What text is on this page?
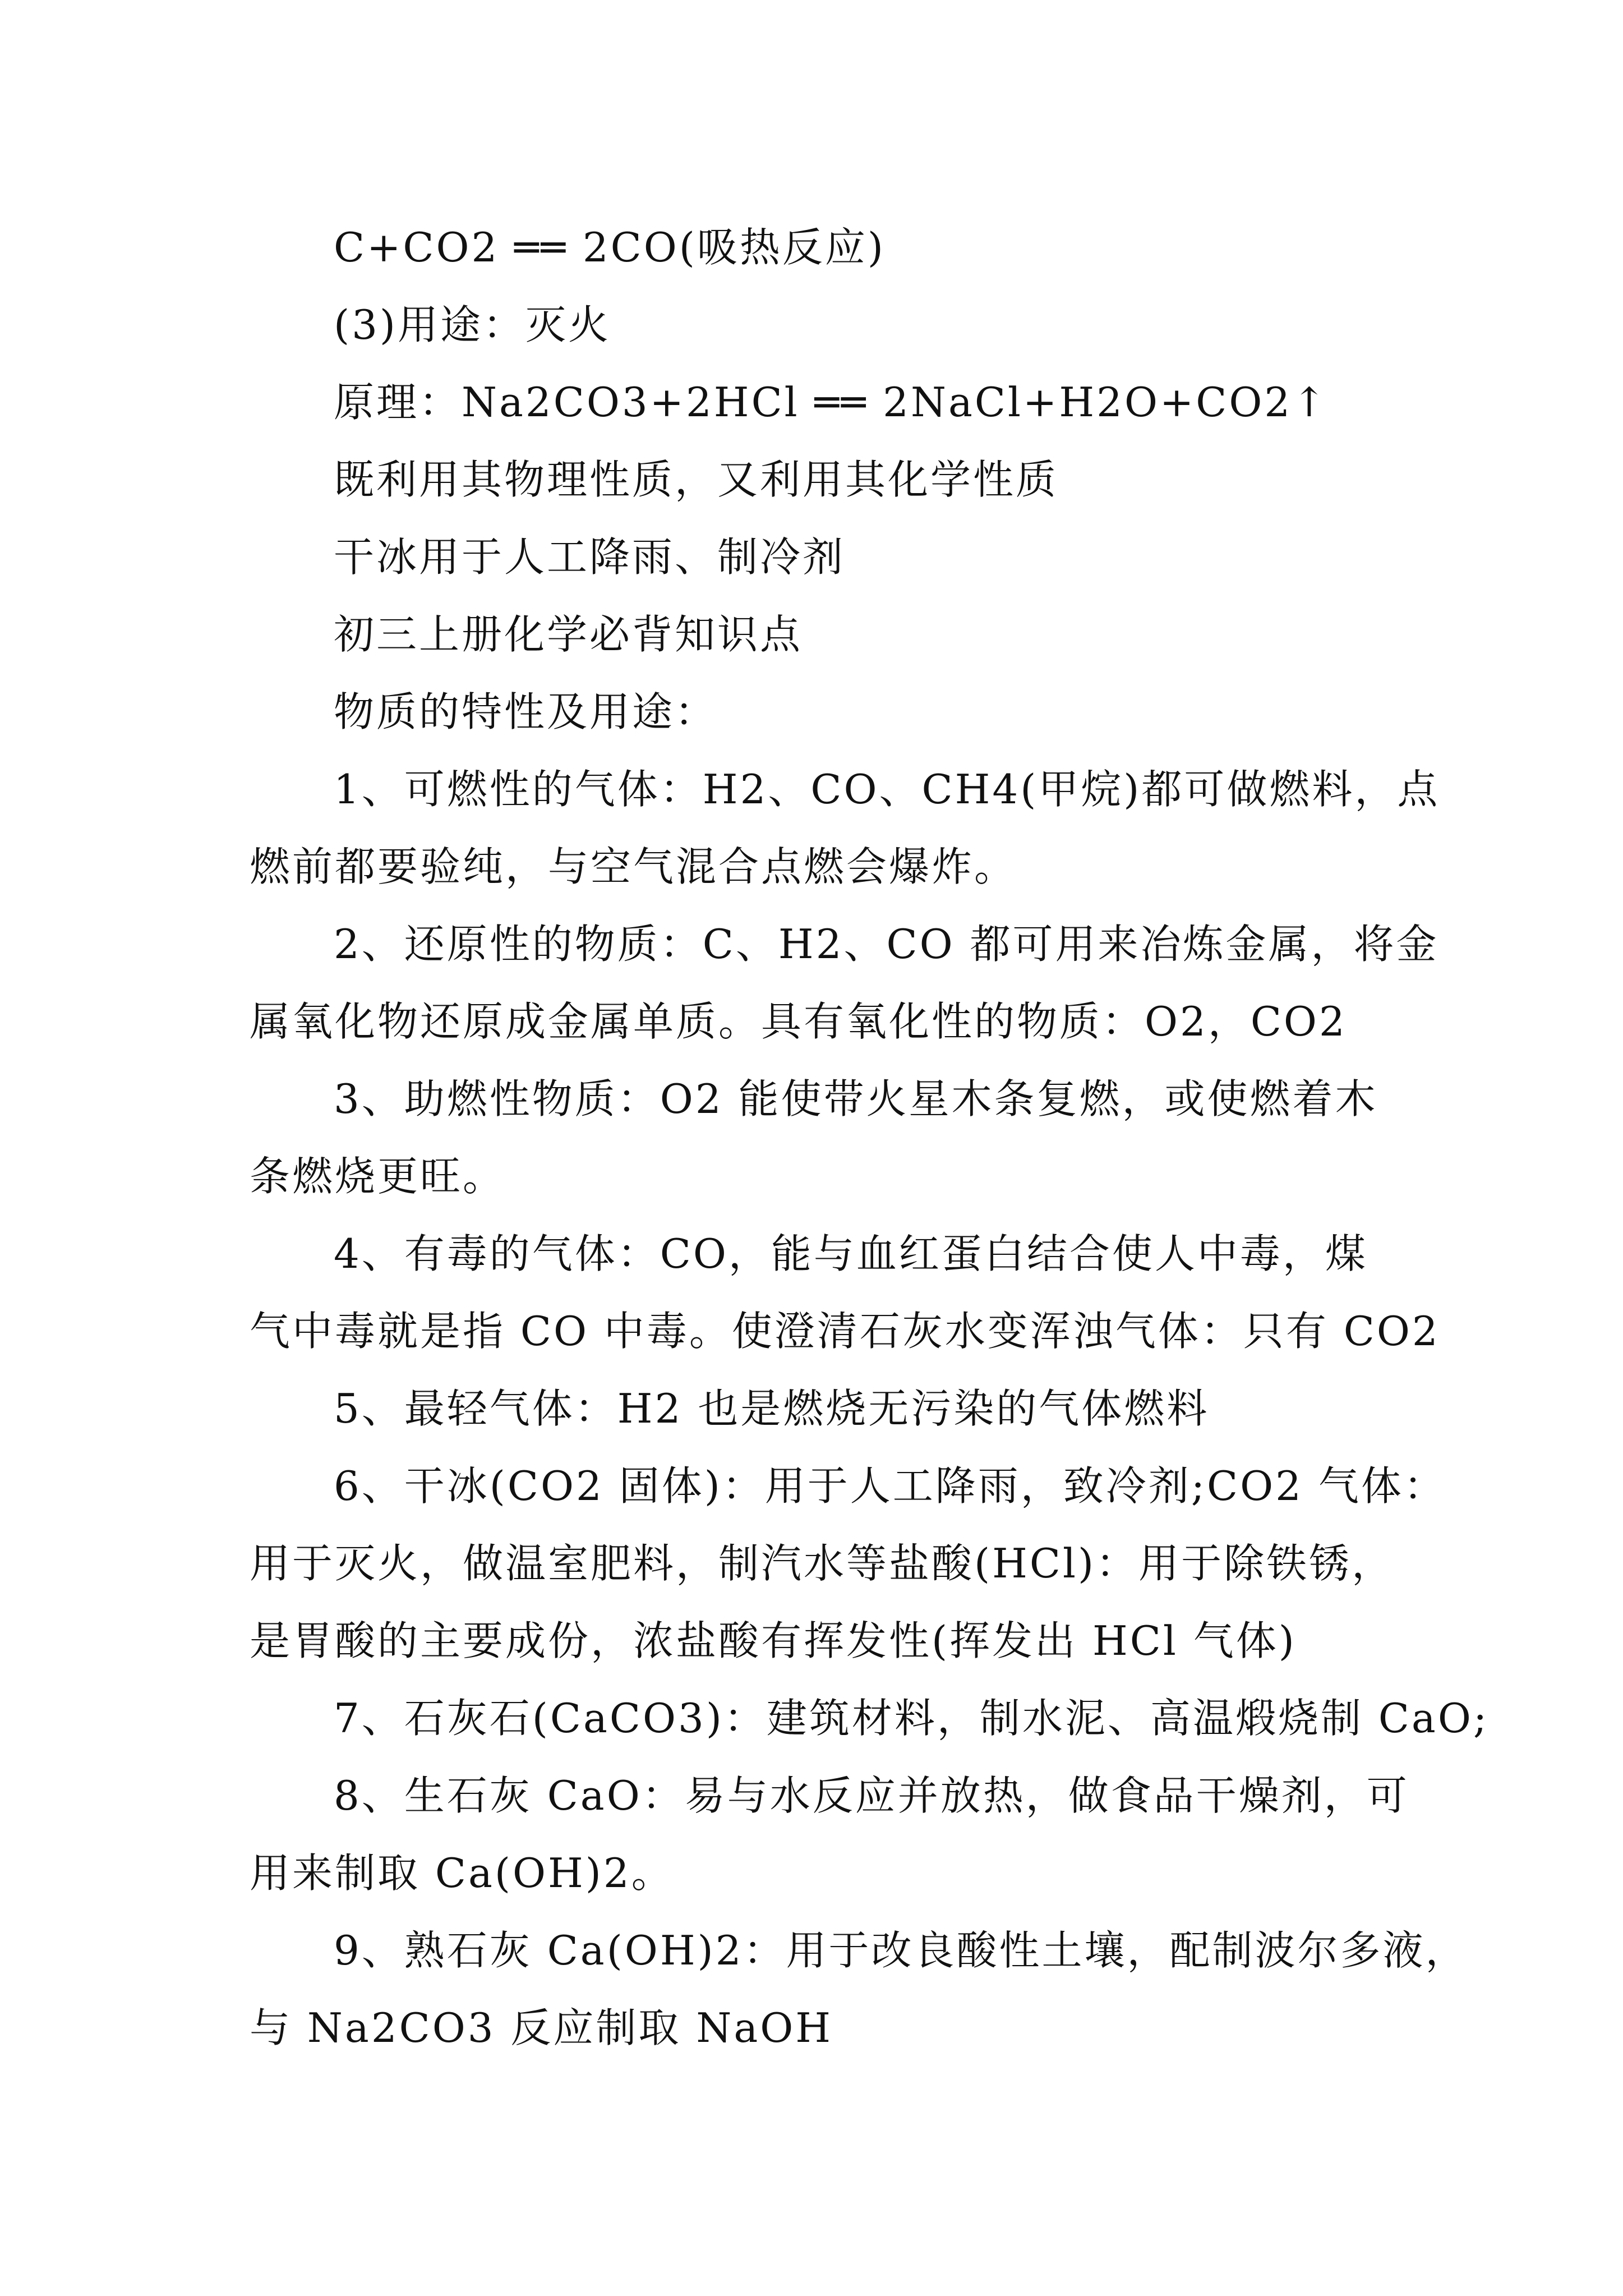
C+CO2 ══ 2CO(吸热反应)

(3)用途：灭火

原理：Na2CO3+2HCl ══ 2NaCl+H2O+CO2↑

既利用其物理性质，又利用其化学性质

干冰用于人工降雨、制冷剂

初三上册化学必背知识点

物质的特性及用途：

1、可燃性的气体：H2、CO、CH4(甲烷)都可做燃料，点

燃前都要验纯，与空气混合点燃会爆炸。

2、还原性的物质：C、H2、CO 都可用来冶炼金属，将金

属氧化物还原成金属单质。具有氧化性的物质：O2，CO2

3、助燃性物质：O2 能使带火星木条复燃，或使燃着木

条燃烧更旺。

4、有毒的气体：CO，能与血红蛋白结合使人中毒，煤

气中毒就是指 CO 中毒。使澄清石灰水变浑浊气体：只有 CO2

5、最轻气体：H2 也是燃烧无污染的气体燃料

6、干冰(CO2 固体)：用于人工降雨，致冷剂;CO2 气体：

用于灭火，做温室肥料，制汽水等盐酸(HCl)：用于除铁锈，

是胃酸的主要成份，浓盐酸有挥发性(挥发出 HCl 气体)

7、石灰石(CaCO3)：建筑材料，制水泥、高温煅烧制 CaO;

8、生石灰 CaO：易与水反应并放热，做食品干燥剂，可

用来制取 Ca(OH)2。

9、熟石灰 Ca(OH)2：用于改良酸性土壤，配制波尔多液，

与 Na2CO3 反应制取 NaOH
